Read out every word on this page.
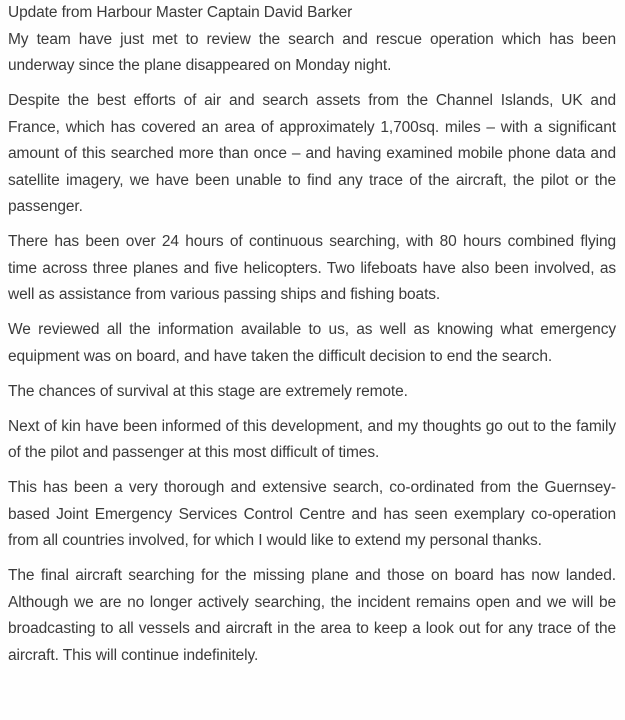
Update from Harbour Master Captain David Barker

My team have just met to review the search and rescue operation which has been underway since the plane disappeared on Monday night.

Despite the best efforts of air and search assets from the Channel Islands, UK and France, which has covered an area of approximately 1,700sq. miles – with a significant amount of this searched more than once – and having examined mobile phone data and satellite imagery, we have been unable to find any trace of the aircraft, the pilot or the passenger.

There has been over 24 hours of continuous searching, with 80 hours combined flying time across three planes and five helicopters. Two lifeboats have also been involved, as well as assistance from various passing ships and fishing boats.

We reviewed all the information available to us, as well as knowing what emergency equipment was on board, and have taken the difficult decision to end the search.

The chances of survival at this stage are extremely remote.

Next of kin have been informed of this development, and my thoughts go out to the family of the pilot and passenger at this most difficult of times.

This has been a very thorough and extensive search, co-ordinated from the Guernsey-based Joint Emergency Services Control Centre and has seen exemplary co-operation from all countries involved, for which I would like to extend my personal thanks.

The final aircraft searching for the missing plane and those on board has now landed. Although we are no longer actively searching, the incident remains open and we will be broadcasting to all vessels and aircraft in the area to keep a look out for any trace of the aircraft. This will continue indefinitely.
